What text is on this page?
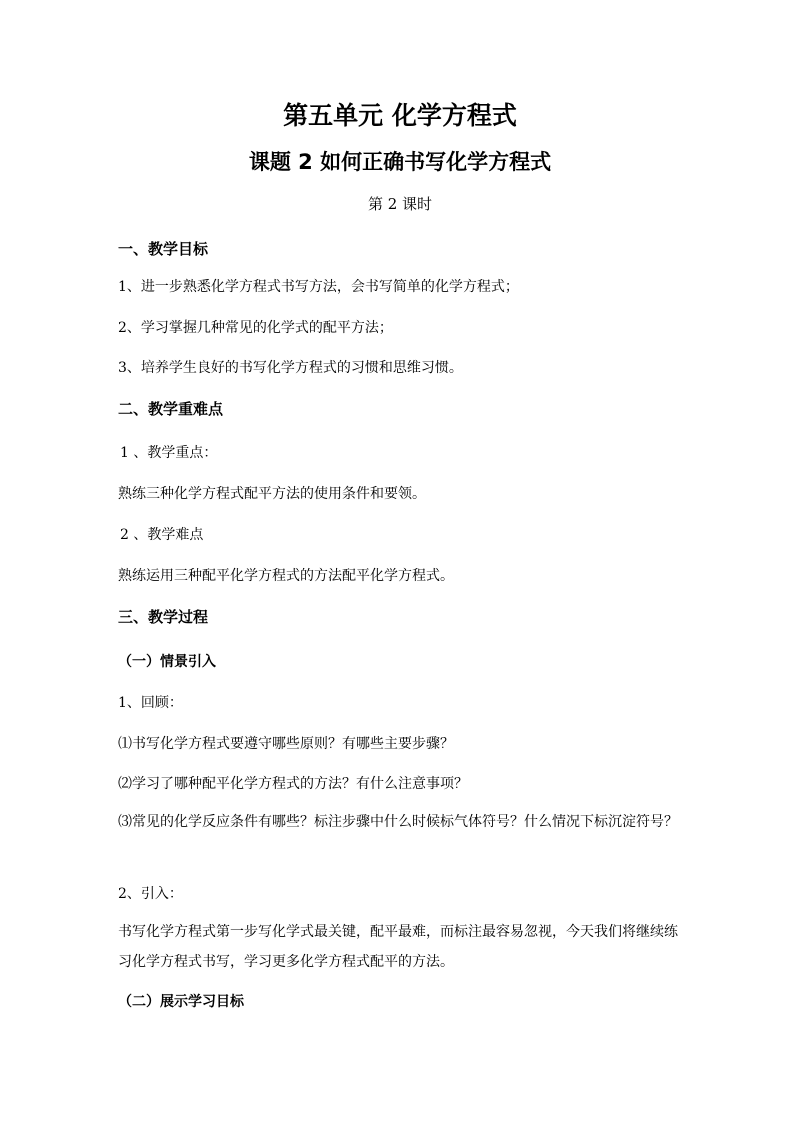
第五单元 化学方程式
课题 2 如何正确书写化学方程式
第 2 课时
一、教学目标
1、进一步熟悉化学方程式书写方法，会书写简单的化学方程式；
2、学习掌握几种常见的化学式的配平方法；
3、培养学生良好的书写化学方程式的习惯和思维习惯。
二、教学重难点
1 、教学重点：
熟练三种化学方程式配平方法的使用条件和要领。
2 、教学难点
熟练运用三种配平化学方程式的方法配平化学方程式。
三、教学过程
（一）情景引入
1、回顾：
⑴书写化学方程式要遵守哪些原则？有哪些主要步骤？
⑵学习了哪种配平化学方程式的方法？有什么注意事项？
⑶常见的化学反应条件有哪些？标注步骤中什么时候标气体符号？什么情况下标沉淀符号？
2、引入：
书写化学方程式第一步写化学式最关键，配平最难，而标注最容易忽视，今天我们将继续练习化学方程式书写，学习更多化学方程式配平的方法。
（二）展示学习目标
